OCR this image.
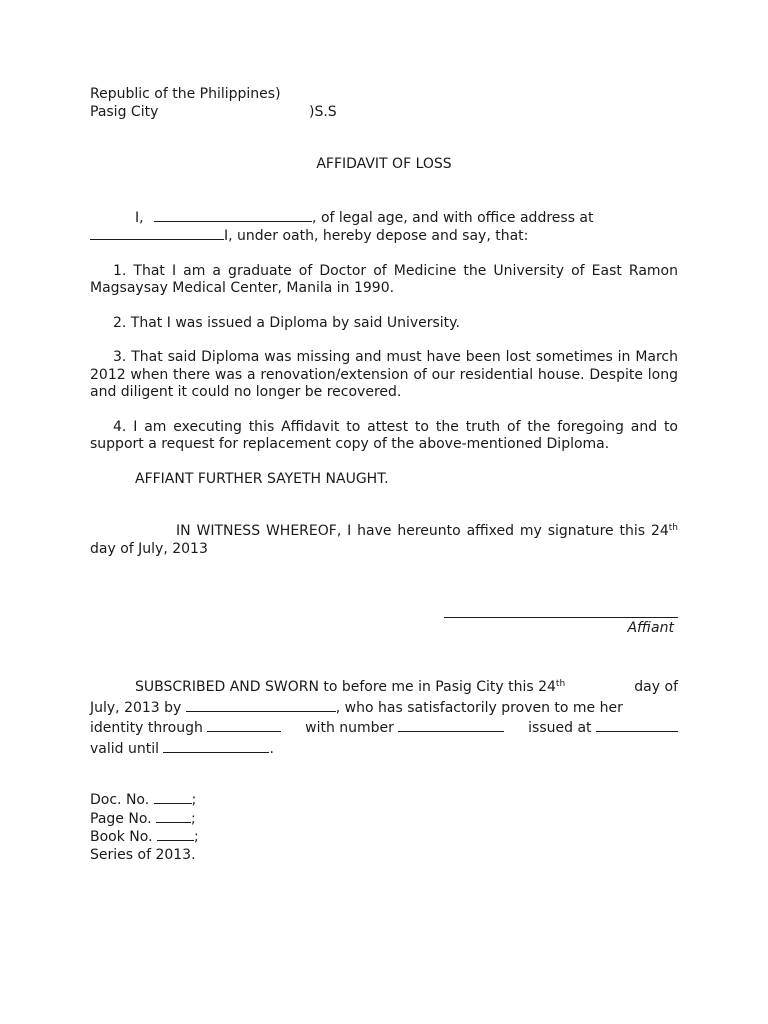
Republic of the Philippines)
Pasig City	)S.S
AFFIDAVIT OF LOSS
I,	, of legal age, and with office address at
I, under oath, hereby depose and say, that:
1. That I am a graduate of Doctor of Medicine the University of East Ramon Magsaysay Medical Center, Manila in 1990.
2. That I was issued a Diploma by said University.
3. That said Diploma was missing and must have been lost sometimes in March 2012 when there was a renovation/extension of our residential house. Despite long and diligent it could no longer be recovered.
4. I am executing this Affidavit to attest to the truth of the foregoing and to support a request for replacement copy of the above-mentioned Diploma.
AFFIANT FURTHER SAYETH NAUGHT.
IN WITNESS WHEREOF, I have hereunto affixed my signature this 24th day of July, 2013
Affiant
SUBSCRIBED AND SWORN to before me in Pasig City this 24th	day of
July, 2013 by	, who has satisfactorily proven to me her
identity through	with number	issued at
valid until	.
Doc. No.	;
Page No.	;
Book No.	;
Series of 2013.
